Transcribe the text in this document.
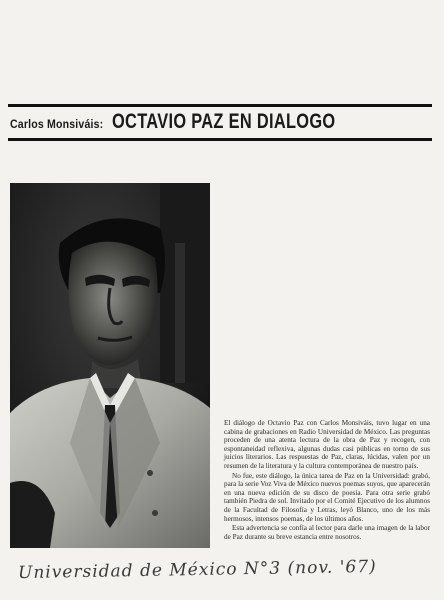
Carlos Monsiváis: OCTAVIO PAZ EN DIALOGO

El diálogo de Octavio Paz con Carlos Monsiváis, tuvo lugar en una cabina de grabaciones en Radio Universidad de México. Las preguntas proceden de una atenta lectura de la obra de Paz y recogen, con espontaneidad reflexiva, algunas dudas casi públicas en torno de sus juicios literarios. Las respuestas de Paz, claras, lúcidas, valen por un resumen de la literatura y la cultura contemporánea de nuestro país.

No fue, este diálogo, la única tarea de Paz en la Universidad: grabó, para la serie Voz Viva de México nuevos poemas suyos, que aparecerán en una nueva edición de su disco de poesía. Para otra serie grabó también Piedra de sol. Invitado por el Comité Ejecutivo de los alumnos de la Facultad de Filosofía y Letras, leyó Blanco, uno de los más hermosos, intensos poemas, de los últimos años.

Esta advertencia se confía al lector para darle una imagen de la labor de Paz durante su breve estancia entre nosotros.

Universidad de México N°3 (nov. '67)
